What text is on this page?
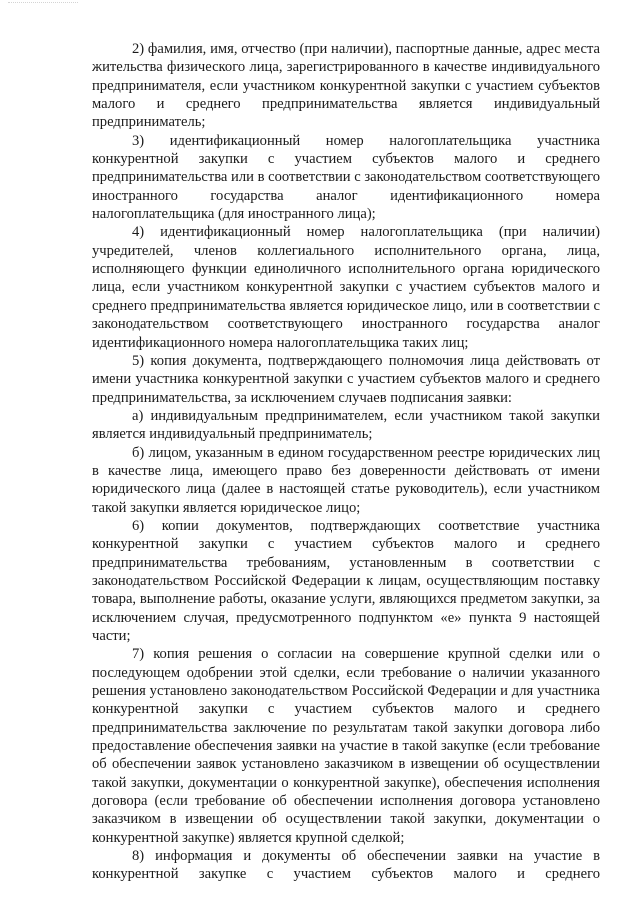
2) фамилия, имя, отчество (при наличии), паспортные данные, адрес места жительства физического лица, зарегистрированного в качестве индивидуального предпринимателя, если участником конкурентной закупки с участием субъектов малого и среднего предпринимательства является индивидуальный предприниматель;

3) идентификационный номер налогоплательщика участника конкурентной закупки с участием субъектов малого и среднего предпринимательства или в соответствии с законодательством соответствующего иностранного государства аналог идентификационного номера налогоплательщика (для иностранного лица);

4) идентификационный номер налогоплательщика (при наличии) учредителей, членов коллегиального исполнительного органа, лица, исполняющего функции единоличного исполнительного органа юридического лица, если участником конкурентной закупки с участием субъектов малого и среднего предпринимательства является юридическое лицо, или в соответствии с законодательством соответствующего иностранного государства аналог идентификационного номера налогоплательщика таких лиц;

5) копия документа, подтверждающего полномочия лица действовать от имени участника конкурентной закупки с участием субъектов малого и среднего предпринимательства, за исключением случаев подписания заявки:

а) индивидуальным предпринимателем, если участником такой закупки является индивидуальный предприниматель;

б) лицом, указанным в едином государственном реестре юридических лиц в качестве лица, имеющего право без доверенности действовать от имени юридического лица (далее в настоящей статье руководитель), если участником такой закупки является юридическое лицо;

6) копии документов, подтверждающих соответствие участника конкурентной закупки с участием субъектов малого и среднего предпринимательства требованиям, установленным в соответствии с законодательством Российской Федерации к лицам, осуществляющим поставку товара, выполнение работы, оказание услуги, являющихся предметом закупки, за исключением случая, предусмотренного подпунктом «е» пункта 9 настоящей части;

7) копия решения о согласии на совершение крупной сделки или о последующем одобрении этой сделки, если требование о наличии указанного решения установлено законодательством Российской Федерации и для участника конкурентной закупки с участием субъектов малого и среднего предпринимательства заключение по результатам такой закупки договора либо предоставление обеспечения заявки на участие в такой закупке (если требование об обеспечении заявок установлено заказчиком в извещении об осуществлении такой закупки, документации о конкурентной закупке), обеспечения исполнения договора (если требование об обеспечении исполнения договора установлено заказчиком в извещении об осуществлении такой закупки, документации о конкурентной закупке) является крупной сделкой;

8) информация и документы об обеспечении заявки на участие в конкурентной закупке с участием субъектов малого и среднего
